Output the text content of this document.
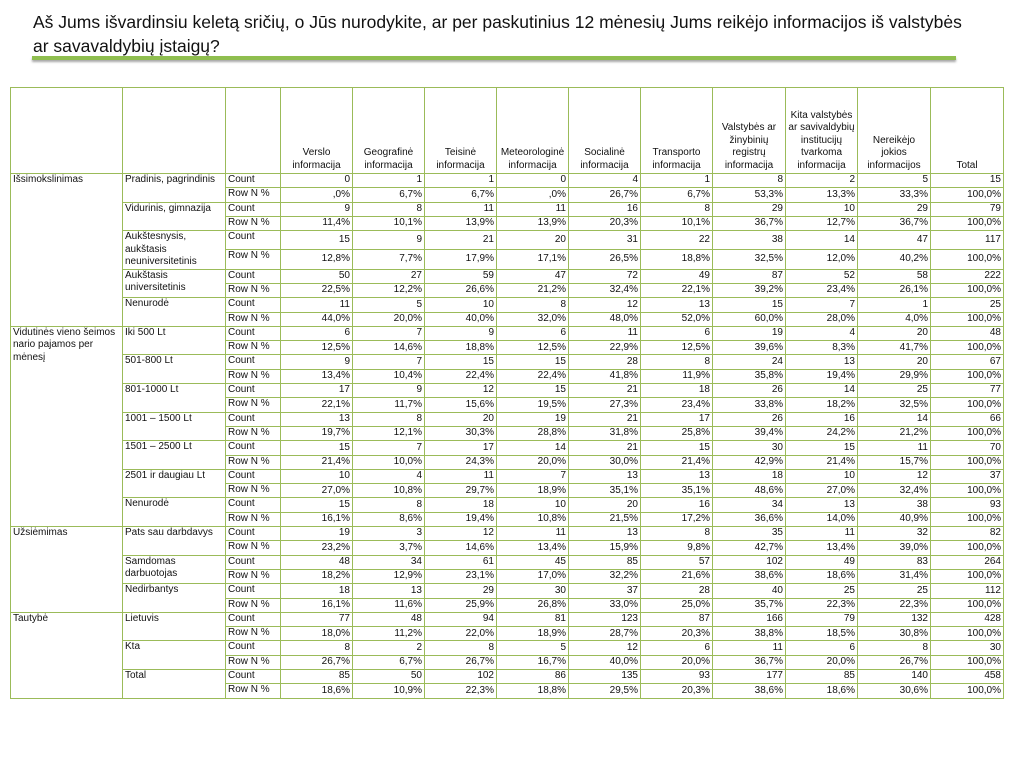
Aš Jums išvardinsiu keletą sričių, o Jūs nurodykite, ar per paskutinius 12 mėnesių Jums reikėjo informacijos iš valstybės ar savavaldybių įstaigų?
			Verslo informacija	Geografinė informacija	Teisinė informacija	Meteorologinė informacija	Socialinė informacija	Transporto informacija	Valstybės ar žinybinių registrų informacija	Kita valstybės ar savivaldybių institucijų tvarkoma informacija	Nereikėjo jokios informacijos	Total
Išsimokslinimas	Pradinis, pagrindinis	Count	0	1	1	0	4	1	8	2	5	15
		Row N %	,0%	6,7%	6,7%	,0%	26,7%	6,7%	53,3%	13,3%	33,3%	100,0%
	Vidurinis, gimnazija	Count	9	8	11	11	16	8	29	10	29	79
		Row N %	11,4%	10,1%	13,9%	13,9%	20,3%	10,1%	36,7%	12,7%	36,7%	100,0%
	Aukštesnysis, aukštasis neuniversitetinis	Count	15	9	21	20	31	22	38	14	47	117
		Row N %	12,8%	7,7%	17,9%	17,1%	26,5%	18,8%	32,5%	12,0%	40,2%	100,0%
	Aukštasis universitetinis	Count	50	27	59	47	72	49	87	52	58	222
		Row N %	22,5%	12,2%	26,6%	21,2%	32,4%	22,1%	39,2%	23,4%	26,1%	100,0%
	Nenurodė	Count	11	5	10	8	12	13	15	7	1	25
		Row N %	44,0%	20,0%	40,0%	32,0%	48,0%	52,0%	60,0%	28,0%	4,0%	100,0%
Vidutinės vieno šeimos nario pajamos per mėnesį	Iki 500 Lt	Count	6	7	9	6	11	6	19	4	20	48
		Row N %	12,5%	14,6%	18,8%	12,5%	22,9%	12,5%	39,6%	8,3%	41,7%	100,0%
	501-800 Lt	Count	9	7	15	15	28	8	24	13	20	67
		Row N %	13,4%	10,4%	22,4%	22,4%	41,8%	11,9%	35,8%	19,4%	29,9%	100,0%
	801-1000 Lt	Count	17	9	12	15	21	18	26	14	25	77
		Row N %	22,1%	11,7%	15,6%	19,5%	27,3%	23,4%	33,8%	18,2%	32,5%	100,0%
	1001 – 1500 Lt	Count	13	8	20	19	21	17	26	16	14	66
		Row N %	19,7%	12,1%	30,3%	28,8%	31,8%	25,8%	39,4%	24,2%	21,2%	100,0%
	1501 – 2500 Lt	Count	15	7	17	14	21	15	30	15	11	70
		Row N %	21,4%	10,0%	24,3%	20,0%	30,0%	21,4%	42,9%	21,4%	15,7%	100,0%
	2501 ir daugiau Lt	Count	10	4	11	7	13	13	18	10	12	37
		Row N %	27,0%	10,8%	29,7%	18,9%	35,1%	35,1%	48,6%	27,0%	32,4%	100,0%
	Nenurodė	Count	15	8	18	10	20	16	34	13	38	93
		Row N %	16,1%	8,6%	19,4%	10,8%	21,5%	17,2%	36,6%	14,0%	40,9%	100,0%
Užsiėmimas	Pats sau darbdavys	Count	19	3	12	11	13	8	35	11	32	82
		Row N %	23,2%	3,7%	14,6%	13,4%	15,9%	9,8%	42,7%	13,4%	39,0%	100,0%
	Samdomas darbuotojas	Count	48	34	61	45	85	57	102	49	83	264
		Row N %	18,2%	12,9%	23,1%	17,0%	32,2%	21,6%	38,6%	18,6%	31,4%	100,0%
	Nedirbantys	Count	18	13	29	30	37	28	40	25	25	112
		Row N %	16,1%	11,6%	25,9%	26,8%	33,0%	25,0%	35,7%	22,3%	22,3%	100,0%
Tautybė	Lietuvis	Count	77	48	94	81	123	87	166	79	132	428
		Row N %	18,0%	11,2%	22,0%	18,9%	28,7%	20,3%	38,8%	18,5%	30,8%	100,0%
	Kta	Count	8	2	8	5	12	6	11	6	8	30
		Row N %	26,7%	6,7%	26,7%	16,7%	40,0%	20,0%	36,7%	20,0%	26,7%	100,0%
	Total	Count	85	50	102	86	135	93	177	85	140	458
		Row N %	18,6%	10,9%	22,3%	18,8%	29,5%	20,3%	38,6%	18,6%	30,6%	100,0%
